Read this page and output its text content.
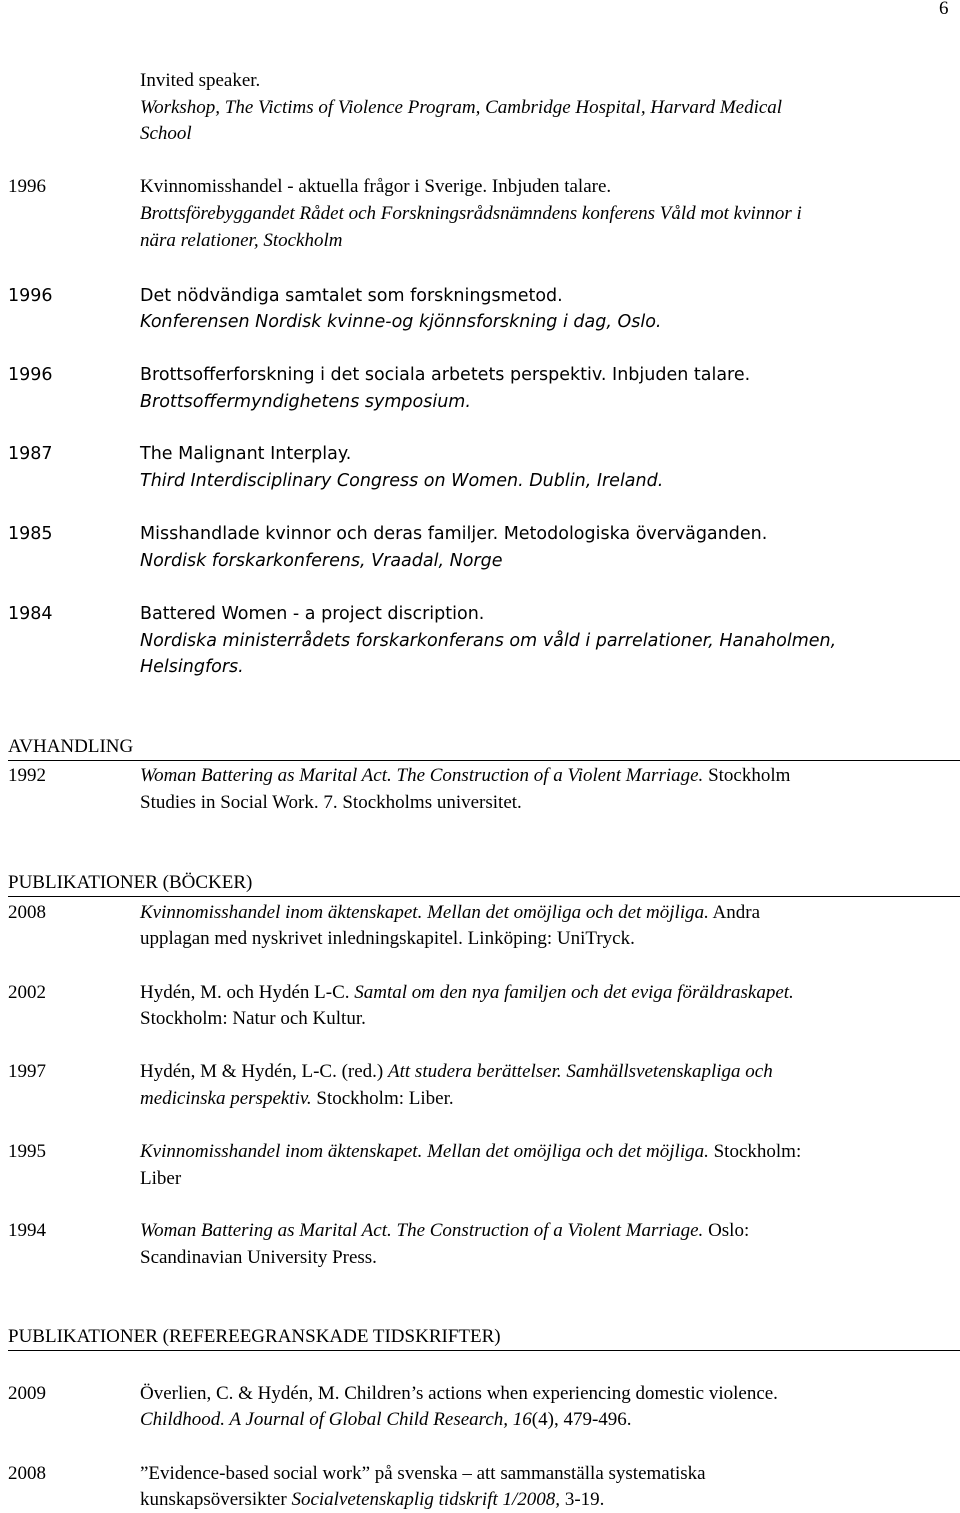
6
Invited speaker.
Workshop, The Victims of Violence Program, Cambridge Hospital, Harvard Medical
School
1996	Kvinnomisshandel - aktuella frågor i Sverige. Inbjuden talare.
Brottsförebyggandet Rådet och Forskningsrådsnämndens konferens Våld mot kvinnor i
nära relationer, Stockholm
1996	Det nödvändiga samtalet som forskningsmetod.
Konferensen Nordisk kvinne-og kjönnsforskning i dag, Oslo.
1996	Brottsofferforskning i det sociala arbetets perspektiv. Inbjuden talare.
Brottsoffermyndighetens symposium.
1987	The Malignant Interplay.
Third Interdisciplinary Congress on Women. Dublin, Ireland.
1985	Misshandlade kvinnor och deras familjer. Metodologiska överväganden.
Nordisk forskarkonferens, Vraadal, Norge
1984	Battered Women - a project discription.
Nordiska ministerrådets forskarkonferans om våld i parrelationer, Hanaholmen,
Helsingfors.
AVHANDLING
1992	Woman Battering as Marital Act. The Construction of a Violent Marriage. Stockholm
Studies in Social Work. 7. Stockholms universitet.
PUBLIKATIONER (BÖCKER)
2008	Kvinnomisshandel inom äktenskapet. Mellan det omöjliga och det möjliga. Andra
upplagan med nyskrivet inledningskapitel. Linköping: UniTryck.
2002	Hydén, M. och Hydén L-C. Samtal om den nya familjen och det eviga föräldraskapet.
Stockholm: Natur och Kultur.
1997	Hydén, M & Hydén, L-C. (red.) Att studera berättelser. Samhällsvetenskapliga och
medicinska perspektiv. Stockholm: Liber.
1995	Kvinnomisshandel inom äktenskapet. Mellan det omöjliga och det möjliga. Stockholm:
Liber
1994	Woman Battering as Marital Act. The Construction of a Violent Marriage. Oslo:
Scandinavian University Press.
PUBLIKATIONER (REFEREEGRANSKADE TIDSKRIFTER)
2009	Överlien, C. & Hydén, M. Children’s actions when experiencing domestic violence.
Childhood. A Journal of Global Child Research, 16(4), 479-496.
2008	”Evidence-based social work” på svenska – att sammanställa systematiska
kunskapsöversikter Socialvetenskaplig tidskrift 1/2008, 3-19.
